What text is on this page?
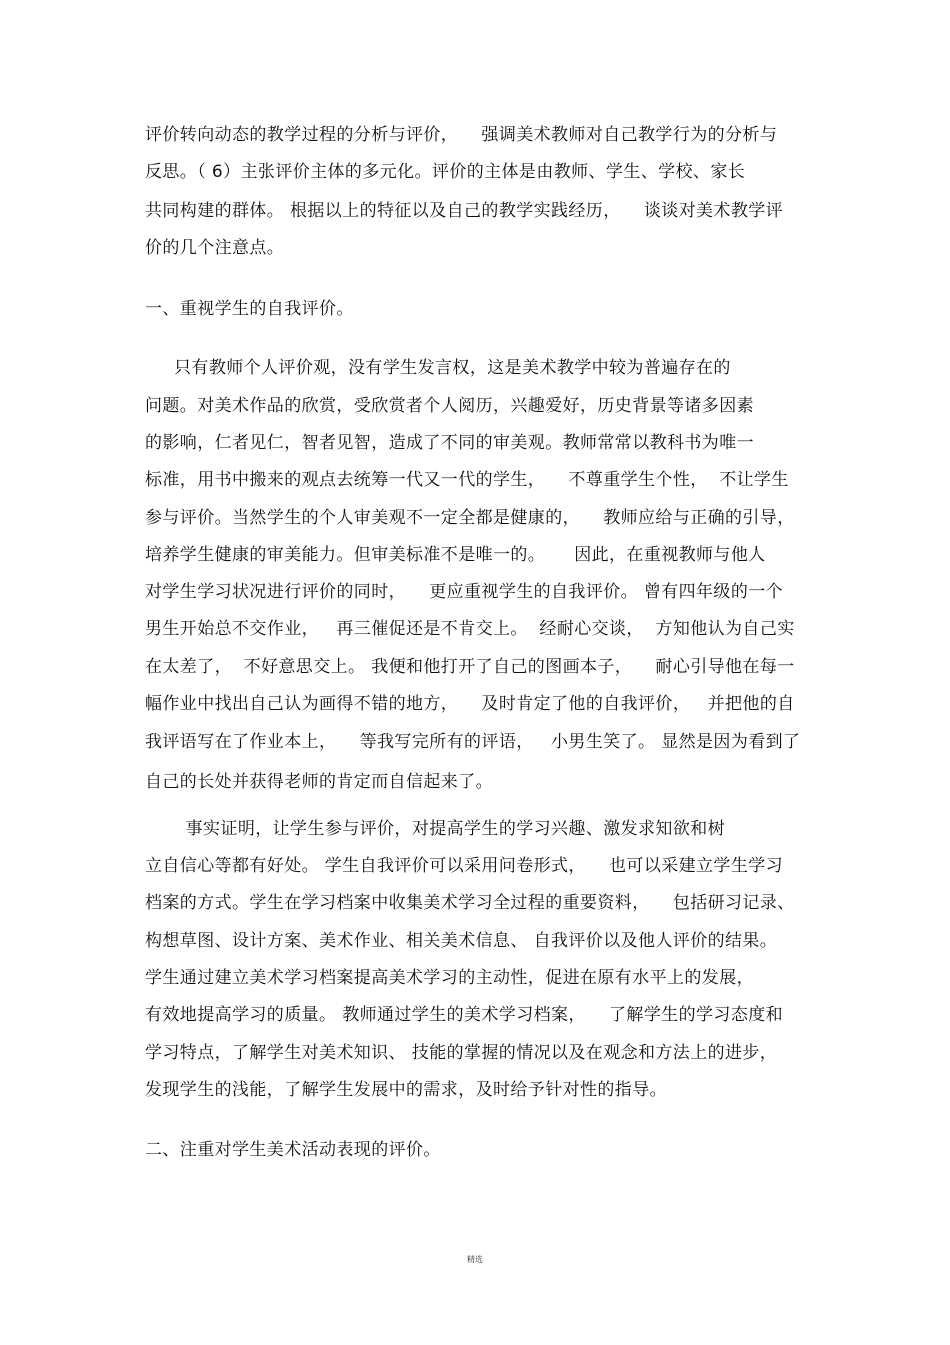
评价转向动态的教学过程的分析与评价，    强调美术教师对自己教学行为的分析与
反思。（ 6）主张评价主体的多元化。评价的主体是由教师、学生、学校、家长
共同构建的群体。 根据以上的特征以及自己的教学实践经历，    谈谈对美术教学评
价的几个注意点。
一、重视学生的自我评价。
只有教师个人评价观，没有学生发言权，这是美术教学中较为普遍存在的
问题。对美术作品的欣赏，受欣赏者个人阅历，兴趣爱好，历史背景等诸多因素
的影响，仁者见仁，智者见智，造成了不同的审美观。教师常常以教科书为唯一
标准，用书中搬来的观点去统筹一代又一代的学生，    不尊重学生个性，  不让学生
参与评价。当然学生的个人审美观不一定全都是健康的，    教师应给与正确的引导，
培养学生健康的审美能力。但审美标准不是唯一的。     因此，在重视教师与他人
对学生学习状况进行评价的同时，    更应重视学生的自我评价。 曾有四年级的一个
男生开始总不交作业，   再三催促还是不肯交上。  经耐心交谈，  方知他认为自己实
在太差了，  不好意思交上。 我便和他打开了自己的图画本子，    耐心引导他在每一
幅作业中找出自己认为画得不错的地方，    及时肯定了他的自我评价，   并把他的自
我评语写在了作业本上，    等我写完所有的评语，   小男生笑了。 显然是因为看到了
自己的长处并获得老师的肯定而自信起来了。
事实证明，让学生参与评价，对提高学生的学习兴趣、激发求知欲和树
立自信心等都有好处。 学生自我评价可以采用问卷形式，    也可以采建立学生学习
档案的方式。学生在学习档案中收集美术学习全过程的重要资料，    包括研习记录、
构想草图、设计方案、美术作业、相关美术信息、 自我评价以及他人评价的结果。
学生通过建立美术学习档案提高美术学习的主动性，促进在原有水平上的发展，
有效地提高学习的质量。 教师通过学生的美术学习档案，    了解学生的学习态度和
学习特点，了解学生对美术知识、 技能的掌握的情况以及在观念和方法上的进步，
发现学生的浅能，了解学生发展中的需求，及时给予针对性的指导。
二、注重对学生美术活动表现的评价。
精选
